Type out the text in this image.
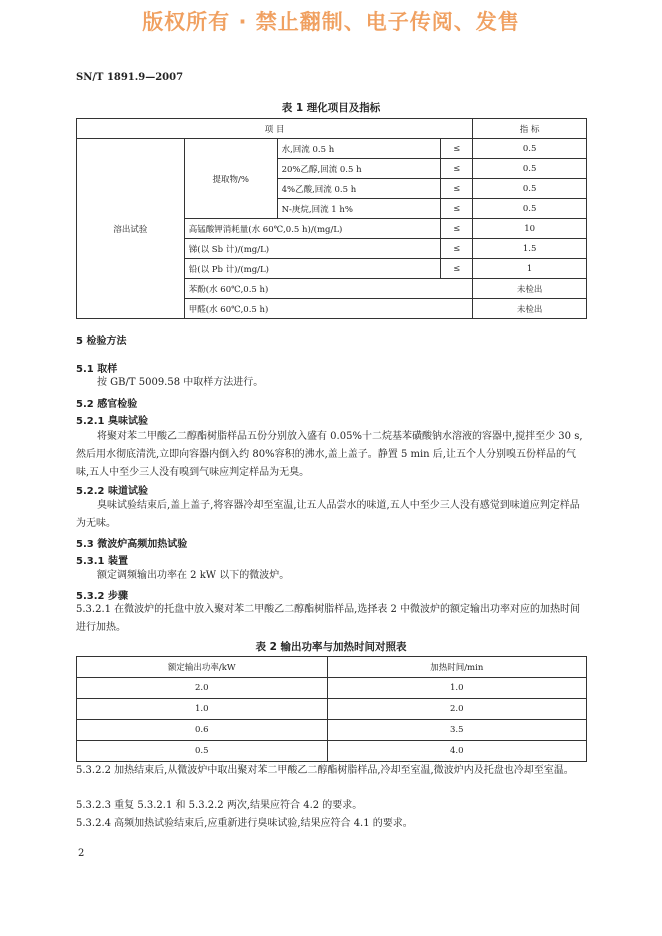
版权所有 · 禁止翻制、电子传阅、发售
SN/T 1891.9—2007
表 1 理化项目及指标
项 目				指 标
溶出试验	提取物/%	水,回流 0.5 h	≤	0.5
		20%乙醇,回流 0.5 h	≤	0.5
		4%乙酸,回流 0.5 h	≤	0.5
		N-庚烷,回流 1 h%	≤	0.5
	高锰酸钾消耗量(水 60℃,0.5 h)/(mg/L)		≤	10
	锑(以 Sb 计)/(mg/L)		≤	1.5
	铅(以 Pb 计)/(mg/L)		≤	1
	苯酚(水 60℃,0.5 h)			未检出
	甲醛(水 60℃,0.5 h)			未检出
5 检验方法
5.1 取样
按 GB/T 5009.58 中取样方法进行。
5.2 感官检验
5.2.1 臭味试验
将聚对苯二甲酸乙二醇酯树脂样品五份分别放入盛有 0.05%十二烷基苯磺酸钠水溶液的容器中,搅拌至少 30 s,然后用水彻底清洗,立即向容器内倒入约 80%容积的沸水,盖上盖子。静置 5 min 后,让五个人分别嗅五份样品的气味,五人中至少三人没有嗅到气味应判定样品为无臭。
5.2.2 味道试验
臭味试验结束后,盖上盖子,将容器冷却至室温,让五人品尝水的味道,五人中至少三人没有感觉到味道应判定样品为无味。
5.3 微波炉高频加热试验
5.3.1 装置
额定调频输出功率在 2 kW 以下的微波炉。
5.3.2 步骤
5.3.2.1 在微波炉的托盘中放入聚对苯二甲酸乙二醇酯树脂样品,选择表 2 中微波炉的额定输出功率对应的加热时间进行加热。
表 2 输出功率与加热时间对照表
额定输出功率/kW	加热时间/min
2.0	1.0
1.0	2.0
0.6	3.5
0.5	4.0
5.3.2.2 加热结束后,从微波炉中取出聚对苯二甲酸乙二醇酯树脂样品,冷却至室温,微波炉内及托盘也冷却至室温。
5.3.2.3 重复 5.3.2.1 和 5.3.2.2 两次,结果应符合 4.2 的要求。
5.3.2.4 高频加热试验结束后,应重新进行臭味试验,结果应符合 4.1 的要求。
2
